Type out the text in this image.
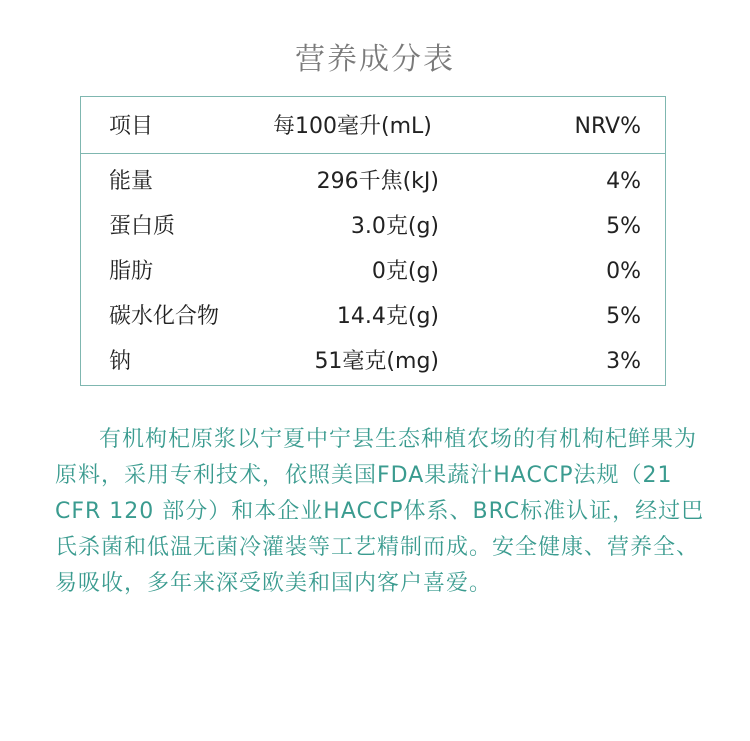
营养成分表
项目	每100毫升(mL)	NRV%
能量	296千焦(kJ)	4%
蛋白质	3.0克(g)	5%
脂肪	0克(g)	0%
碳水化合物	14.4克(g)	5%
钠	51毫克(mg)	3%

有机枸杞原浆以宁夏中宁县生态种植农场的有机枸杞鲜果为原料，采用专利技术，依照美国FDA果蔬汁HACCP法规（21 CFR 120 部分）和本企业HACCP体系、BRC标准认证，经过巴氏杀菌和低温无菌冷灌装等工艺精制而成。安全健康、营养全、易吸收，多年来深受欧美和国内客户喜爱。
